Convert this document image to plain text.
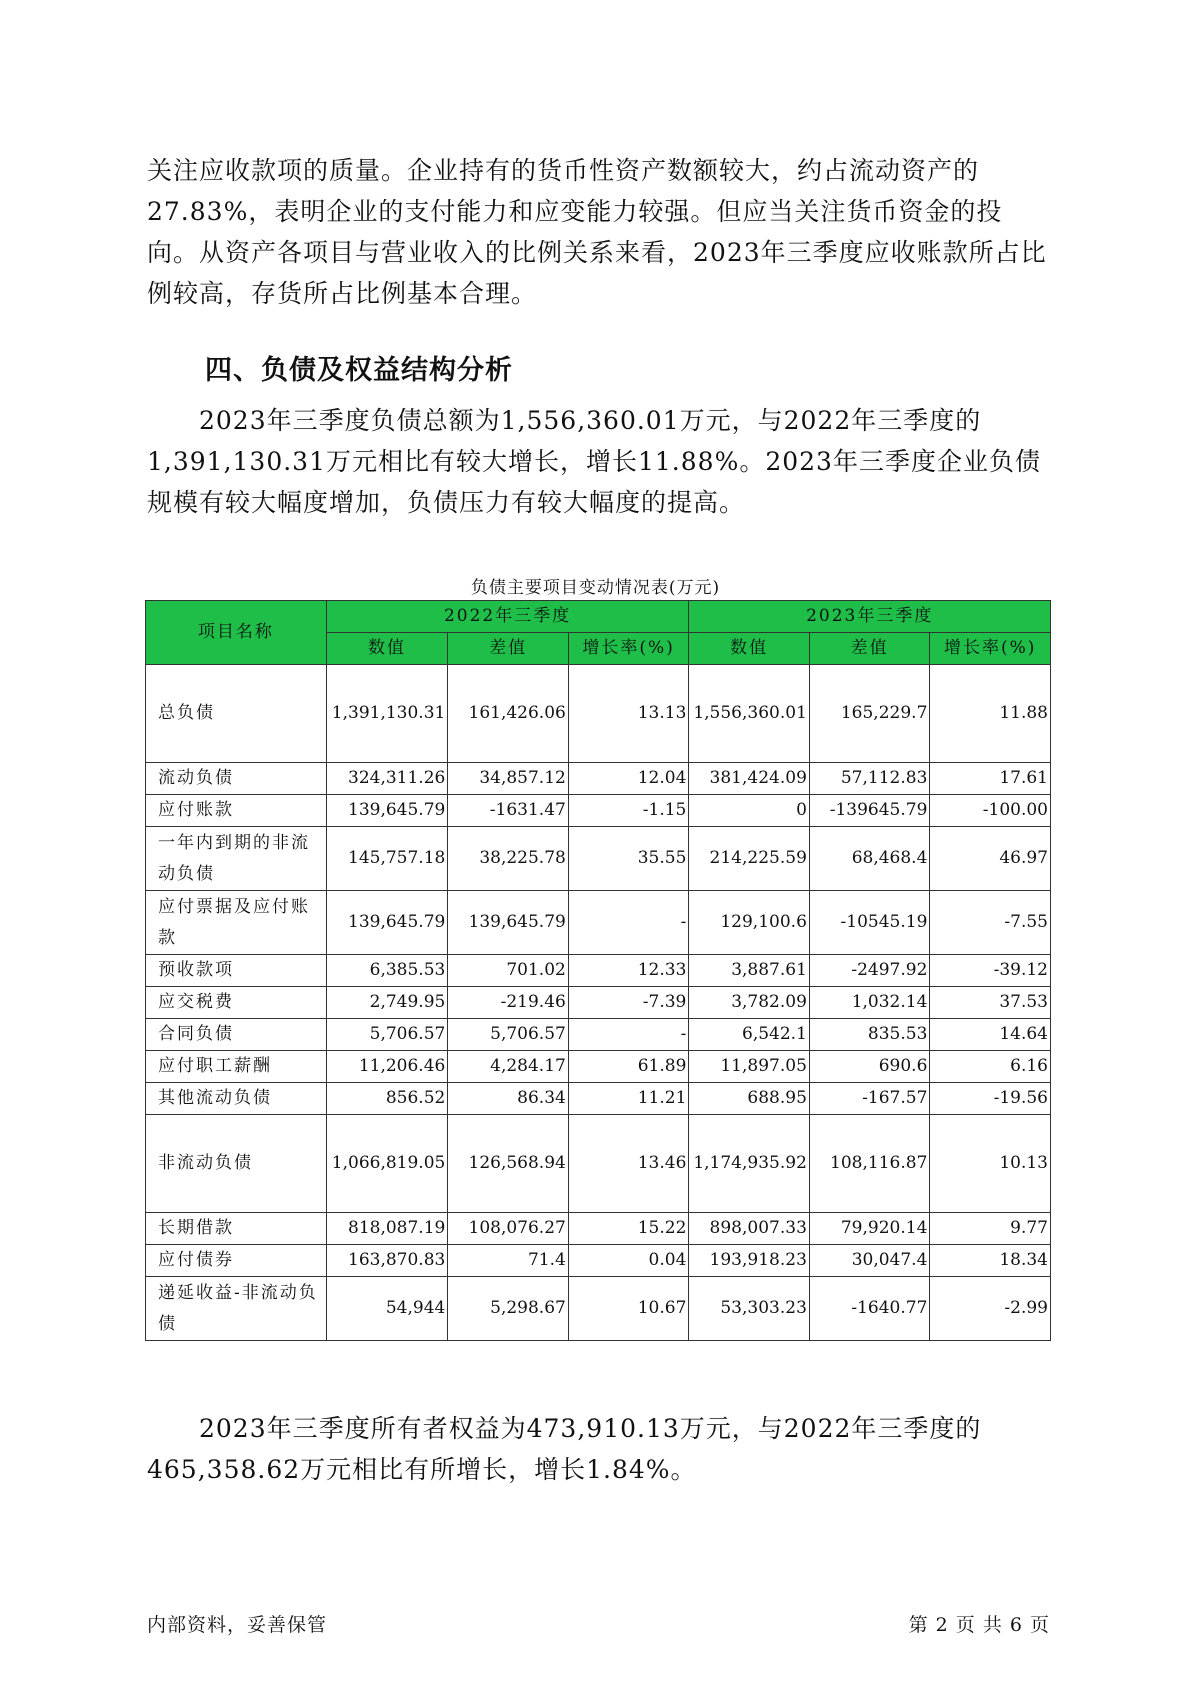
关注应收款项的质量。企业持有的货币性资产数额较大，约占流动资产的27.83%，表明企业的支付能力和应变能力较强。但应当关注货币资金的投向。从资产各项目与营业收入的比例关系来看，2023年三季度应收账款所占比例较高，存货所占比例基本合理。

四、负债及权益结构分析

2023年三季度负债总额为1,556,360.01万元，与2022年三季度的1,391,130.31万元相比有较大增长，增长11.88%。2023年三季度企业负债规模有较大幅度增加，负债压力有较大幅度的提高。

负债主要项目变动情况表(万元)
项目名称	2022年三季度			2023年三季度		
	数值	差值	增长率(%)	数值	差值	增长率(%)
总负债	1,391,130.31	161,426.06	13.13	1,556,360.01	165,229.7	11.88
流动负债	324,311.26	34,857.12	12.04	381,424.09	57,112.83	17.61
应付账款	139,645.79	-1631.47	-1.15	0	-139645.79	-100.00
一年内到期的非流动负债	145,757.18	38,225.78	35.55	214,225.59	68,468.4	46.97
应付票据及应付账款	139,645.79	139,645.79	-	129,100.6	-10545.19	-7.55
预收款项	6,385.53	701.02	12.33	3,887.61	-2497.92	-39.12
应交税费	2,749.95	-219.46	-7.39	3,782.09	1,032.14	37.53
合同负债	5,706.57	5,706.57	-	6,542.1	835.53	14.64
应付职工薪酬	11,206.46	4,284.17	61.89	11,897.05	690.6	6.16
其他流动负债	856.52	86.34	11.21	688.95	-167.57	-19.56
非流动负债	1,066,819.05	126,568.94	13.46	1,174,935.92	108,116.87	10.13
长期借款	818,087.19	108,076.27	15.22	898,007.33	79,920.14	9.77
应付债券	163,870.83	71.4	0.04	193,918.23	30,047.4	18.34
递延收益-非流动负债	54,944	5,298.67	10.67	53,303.23	-1640.77	-2.99

2023年三季度所有者权益为473,910.13万元，与2022年三季度的465,358.62万元相比有所增长，增长1.84%。

内部资料，妥善保管	第 2 页 共 6 页
